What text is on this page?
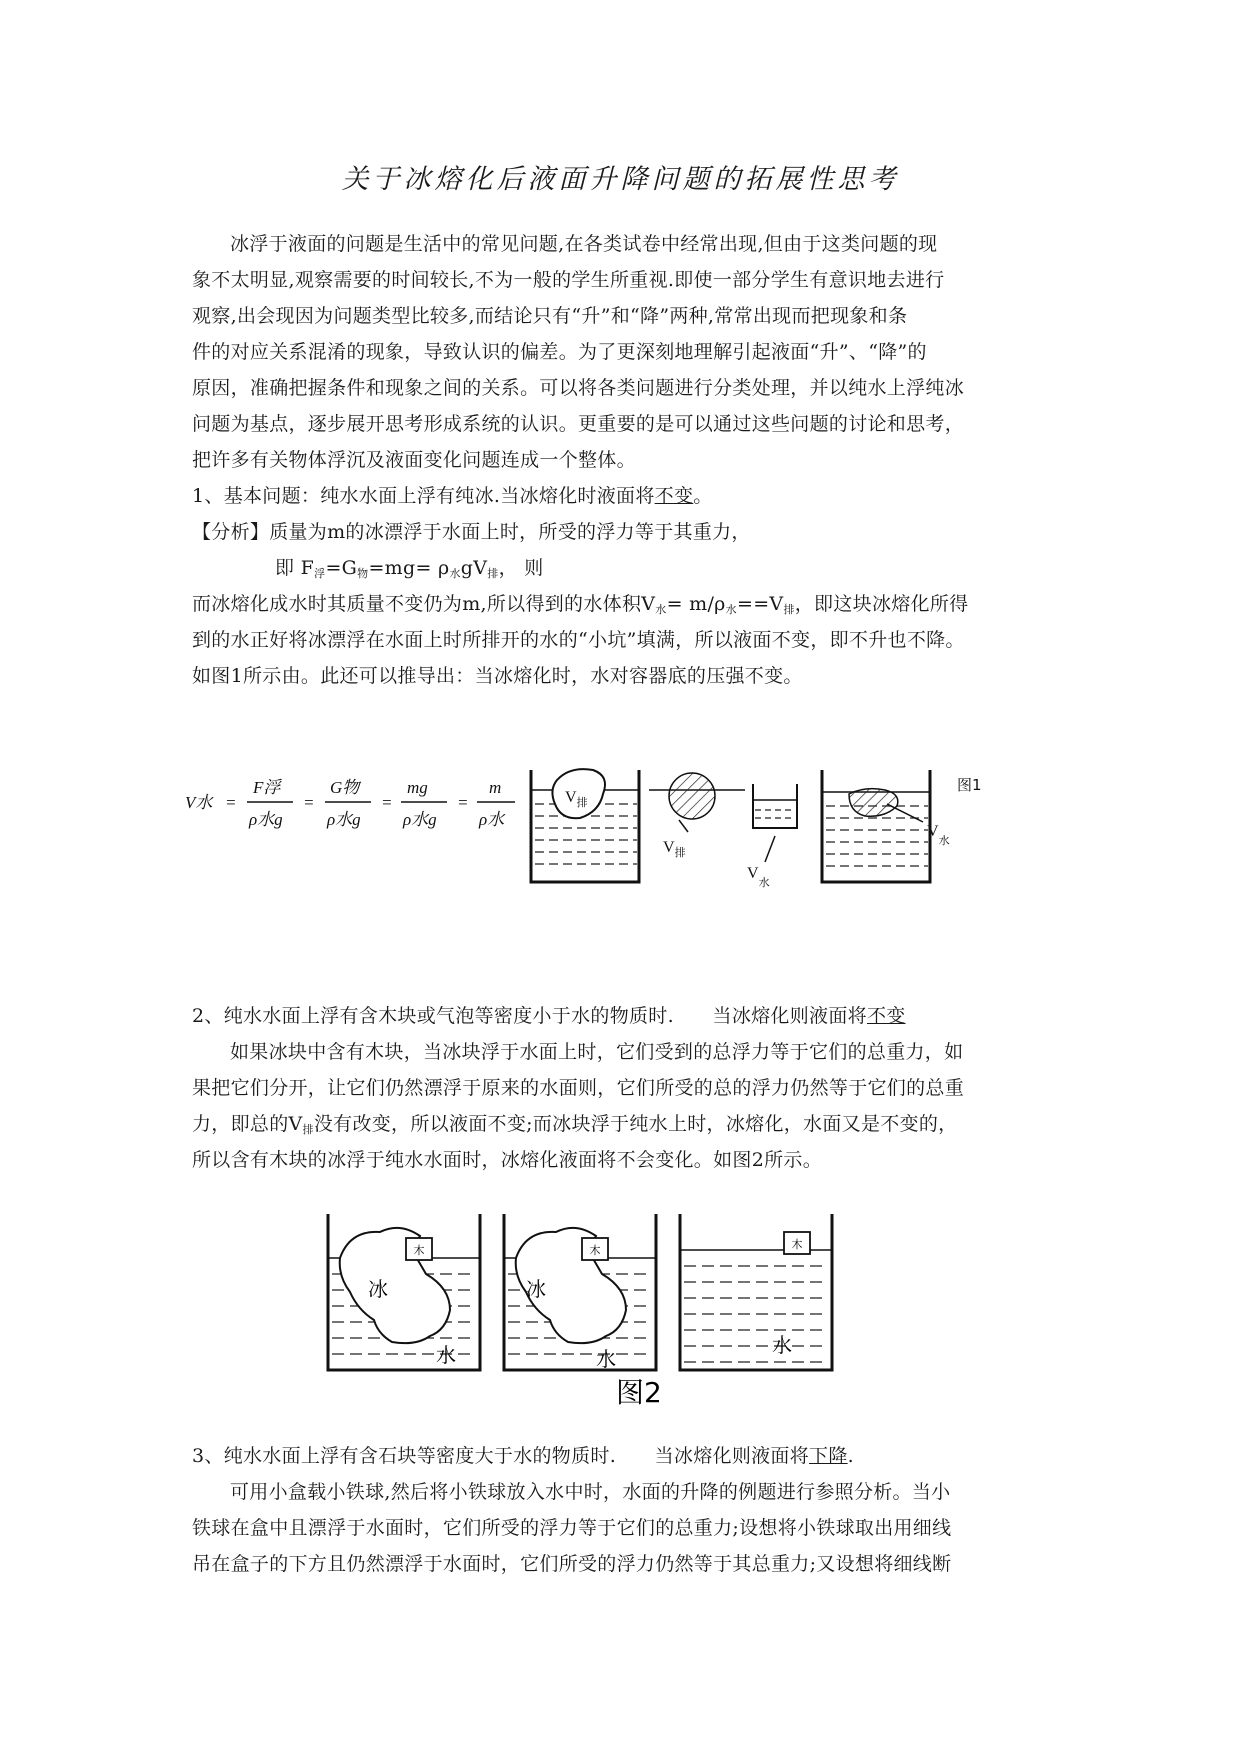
关于冰熔化后液面升降问题的拓展性思考
冰浮于液面的问题是生活中的常见问题,在各类试卷中经常出现,但由于这类问题的现
象不太明显,观察需要的时间较长,不为一般的学生所重视.即使一部分学生有意识地去进行
观察,出会现因为问题类型比较多,而结论只有“升”和“降”两种,常常出现而把现象和条
件的对应关系混淆的现象，导致认识的偏差。为了更深刻地理解引起液面“升”、“降”的
原因，准确把握条件和现象之间的关系。可以将各类问题进行分类处理，并以纯水上浮纯冰
问题为基点，逐步展开思考形成系统的认识。更重要的是可以通过这些问题的讨论和思考，
把许多有关物体浮沉及液面变化问题连成一个整体。
1、基本问题：纯水水面上浮有纯冰.当冰熔化时液面将不变。
【分析】质量为m的冰漂浮于水面上时，所受的浮力等于其重力，
即 $F_浮=G_物=mg= \rho_水gV_排$， 则
而冰熔化成水时其质量不变仍为m,所以得到的水体积$V_水= m/\rho_水==V_排$，即这块冰熔化所得
到的水正好将冰漂浮在水面上时所排开的水的“小坑”填满，所以液面不变，即不升也不降。
如图1所示由。此还可以推导出：当冰熔化时，水对容器底的压强不变。
V水 =
F浮
ρ水g
=
G物
ρ水g
=
mg
ρ水g
=
m
ρ水
$V_排$
$V_排$
$V_水$
$V_水$
图1
2、纯水水面上浮有含木块或气泡等密度小于水的物质时.　　当冰熔化则液面将不变
如果冰块中含有木块，当冰块浮于水面上时，它们受到的总浮力等于它们的总重力，如
果把它们分开，让它们仍然漂浮于原来的水面则，它们所受的总的浮力仍然等于它们的总重
力，即总的$V_排$没有改变，所以液面不变;而冰块浮于纯水上时，冰熔化，水面又是不变的，
所以含有木块的冰浮于纯水水面时，冰熔化液面将不会变化。如图2所示。
木
冰
水
木
冰
水
木
水
图2
3、纯水水面上浮有含石块等密度大于水的物质时.　　当冰熔化则液面将下降.
可用小盒载小铁球,然后将小铁球放入水中时，水面的升降的例题进行参照分析。当小
铁球在盒中且漂浮于水面时，它们所受的浮力等于它们的总重力;设想将小铁球取出用细线
吊在盒子的下方且仍然漂浮于水面时，它们所受的浮力仍然等于其总重力;又设想将细线断
